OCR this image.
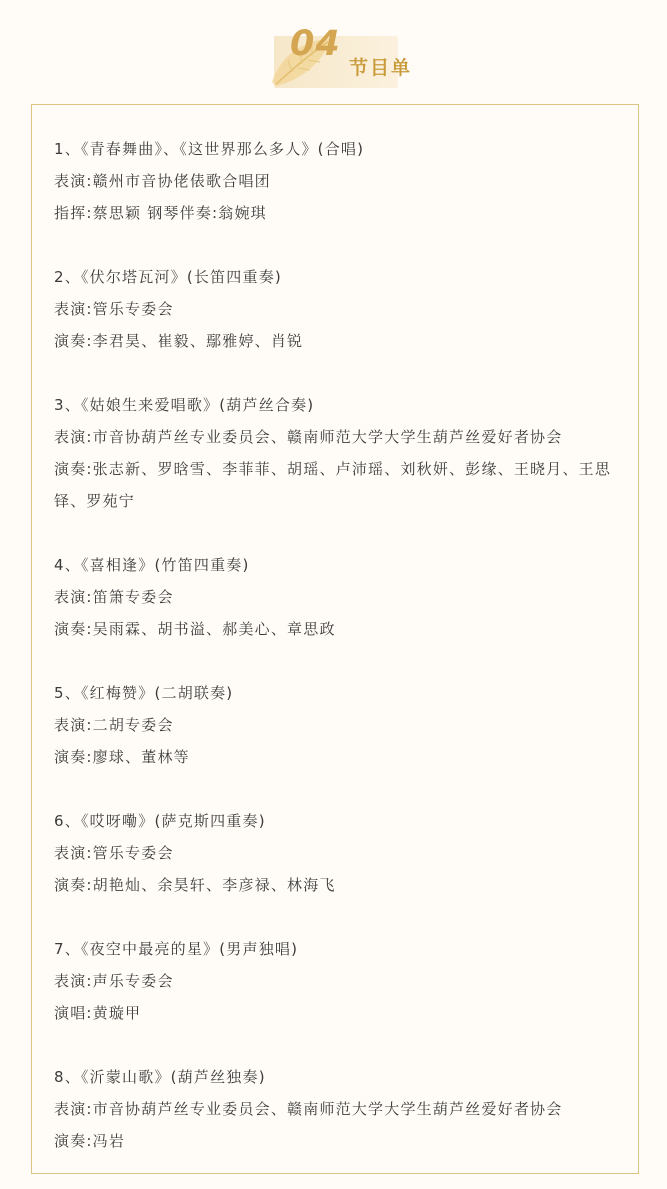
04
节目单
1、《青春舞曲》、《这世界那么多人》(合唱)
表演:赣州市音协佬俵歌合唱团
指挥:蔡思颖 钢琴伴奏:翁婉琪
2、《伏尔塔瓦河》(长笛四重奏)
表演:管乐专委会
演奏:李君昊、崔毅、鄢雅婷、肖锐
3、《姑娘生来爱唱歌》(葫芦丝合奏)
表演:市音协葫芦丝专业委员会、赣南师范大学大学生葫芦丝爱好者协会
演奏:张志新、罗晗雪、李菲菲、胡瑶、卢沛瑶、刘秋妍、彭缘、王晓月、王思铎、罗苑宁
4、《喜相逢》(竹笛四重奏)
表演:笛箫专委会
演奏:吴雨霖、胡书溢、郝美心、章思政
5、《红梅赞》(二胡联奏)
表演:二胡专委会
演奏:廖球、董林等
6、《哎呀嘞》(萨克斯四重奏)
表演:管乐专委会
演奏:胡艳灿、余昊轩、李彦禄、林海飞
7、《夜空中最亮的星》(男声独唱)
表演:声乐专委会
演唱:黄璇甲
8、《沂蒙山歌》(葫芦丝独奏)
表演:市音协葫芦丝专业委员会、赣南师范大学大学生葫芦丝爱好者协会
演奏:冯岩
